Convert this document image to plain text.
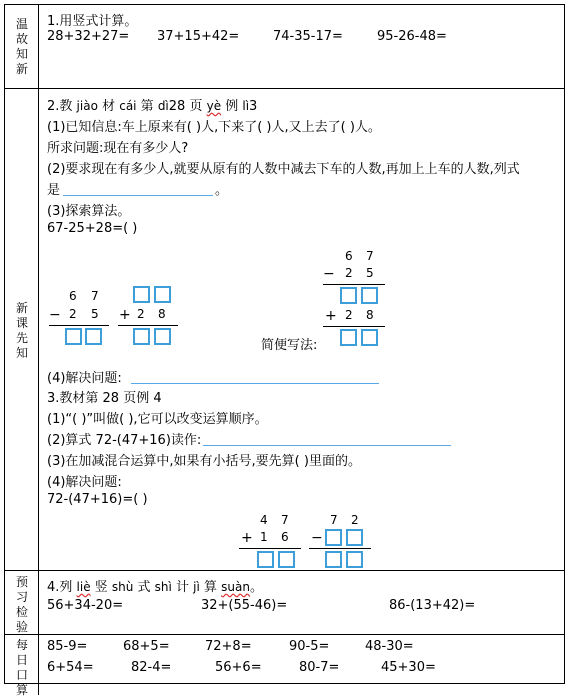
温
故
知
新
1.用竖式计算。
28+32+27= 37+15+42=	74-35-17=	95-26-48=
新
课
先
知
2.教 jiào 材 cái 第 dì28 页 yè 例 lì3
(1)已知信息:车上原来有( )人,下来了( )人,又上去了( )人。
所求问题:现在有多少人?
(2)要求现在有多少人,就要从原有的人数中减去下车的人数,再加上上车的人数,列式
是	。
(3)探索算法。
67-25+28=( )
6 7
− 2 5 + 2 8
简便写法:
6 7
− 2 5
+ 2 8
(4)解决问题:
3.教材第 28 页例 4
(1)“( )”叫做( ),它可以改变运算顺序。
(2)算式 72-(47+16)读作:
(3)在加减混合运算中,如果有小括号,要先算( )里面的。
(4)解决问题:
72-(47+16)=( )
4 7
+ 1 6
7 2
−
预
习
检
验
4.列 liè 竖 shù 式 shì 计 jì 算 suàn。
56+34-20=	32+(55-46)=	86-(13+42)=
每
日
口
算
85-9=	68+5=	72+8=	90-5=	48-30=
6+54=	82-4=	56+6=	80-7=	45+30=
